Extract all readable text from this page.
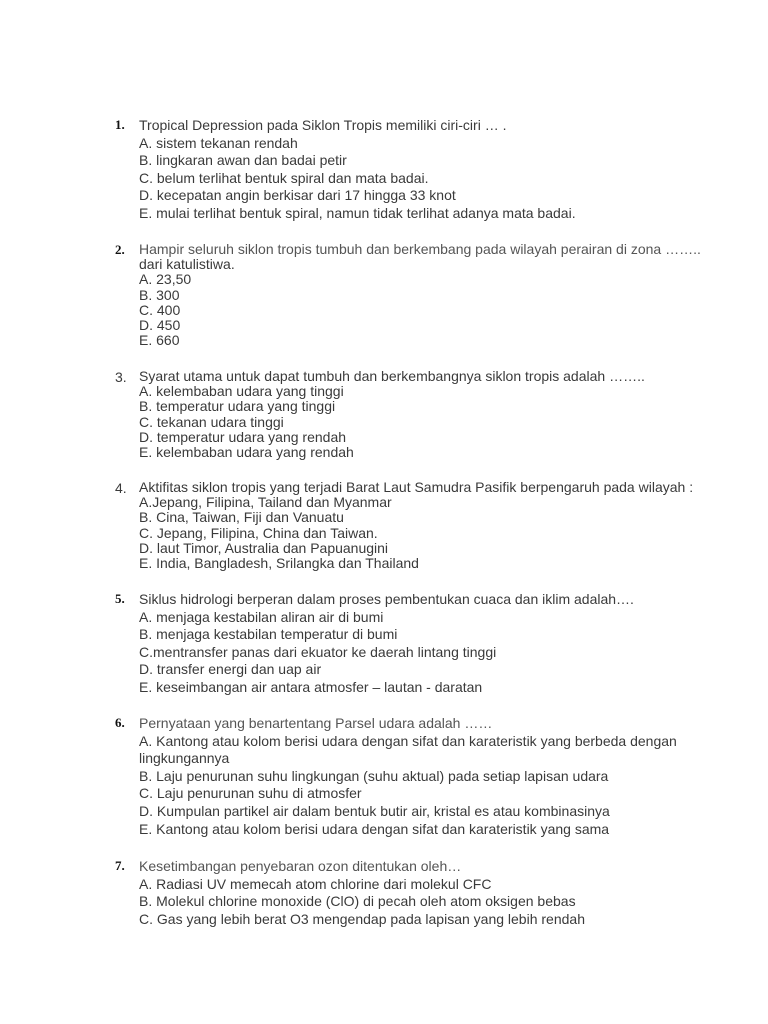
1. Tropical Depression pada Siklon Tropis memiliki ciri-ciri … .
A. sistem tekanan rendah
B. lingkaran awan dan badai petir
C. belum terlihat bentuk spiral dan mata badai.
D. kecepatan angin berkisar dari 17 hingga 33 knot
E. mulai terlihat bentuk spiral, namun tidak terlihat adanya mata badai.
2. Hampir seluruh siklon tropis tumbuh dan berkembang pada wilayah perairan di zona ……..
dari katulistiwa.
A. 23,50
B. 300
C. 400
D. 450
E. 660
3. Syarat utama untuk dapat tumbuh dan berkembangnya siklon tropis adalah ……..
A. kelembaban udara yang tinggi
B. temperatur udara yang tinggi
C. tekanan udara tinggi
D. temperatur udara yang rendah
E. kelembaban udara yang rendah
4. Aktifitas siklon tropis yang terjadi Barat Laut Samudra Pasifik berpengaruh pada wilayah :
A.Jepang, Filipina, Tailand dan Myanmar
B. Cina, Taiwan, Fiji dan Vanuatu
C. Jepang, Filipina, China dan Taiwan.
D. laut Timor, Australia dan Papuanugini
E. India, Bangladesh, Srilangka dan Thailand
5. Siklus hidrologi berperan dalam proses pembentukan cuaca dan iklim adalah….
A. menjaga kestabilan aliran air di bumi
B. menjaga kestabilan temperatur di bumi
C.mentransfer panas dari ekuator ke daerah lintang tinggi
D. transfer energi dan uap air
E. keseimbangan air antara atmosfer – lautan - daratan
6. Pernyataan yang benartentang Parsel udara adalah ……
A. Kantong atau kolom berisi udara dengan sifat dan karateristik yang berbeda dengan lingkungannya
B. Laju penurunan suhu lingkungan (suhu aktual) pada setiap lapisan udara
C. Laju penurunan suhu di atmosfer
D. Kumpulan partikel air dalam bentuk butir air, kristal es atau kombinasinya
E. Kantong atau kolom berisi udara dengan sifat dan karateristik yang sama
7. Kesetimbangan penyebaran ozon ditentukan oleh…
A. Radiasi UV memecah atom chlorine dari molekul CFC
B. Molekul chlorine monoxide (ClO) di pecah oleh atom oksigen bebas
C. Gas yang lebih berat O3 mengendap pada lapisan yang lebih rendah
